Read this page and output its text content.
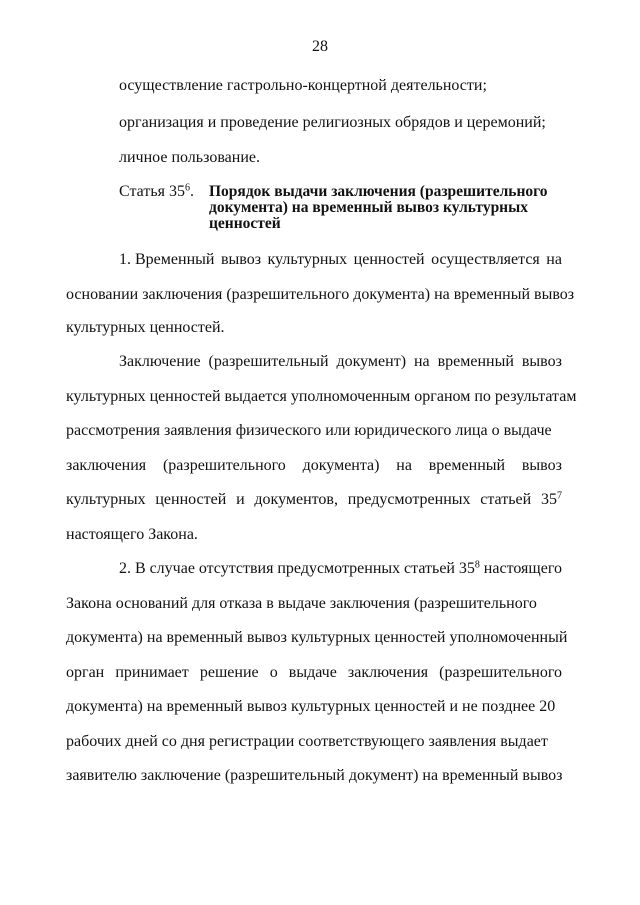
28
осуществление гастрольно-концертной деятельности;
организация и проведение религиозных обрядов и церемоний;
личное пользование.
Статья $35^6$. Порядок выдачи заключения (разрешительного
документа) на временный вывоз культурных
ценностей
1. Временный вывоз культурных ценностей осуществляется на
основании заключения (разрешительного документа) на временный вывоз
культурных ценностей.
Заключение (разрешительный документ) на временный вывоз
культурных ценностей выдается уполномоченным органом по результатам
рассмотрения заявления физического или юридического лица о выдаче
заключения (разрешительного документа) на временный вывоз
культурных ценностей и документов, предусмотренных статьей $35^7$
настоящего Закона.
2. В случае отсутствия предусмотренных статьей $35^8$ настоящего
Закона оснований для отказа в выдаче заключения (разрешительного
документа) на временный вывоз культурных ценностей уполномоченный
орган принимает решение о выдаче заключения (разрешительного
документа) на временный вывоз культурных ценностей и не позднее 20
рабочих дней со дня регистрации соответствующего заявления выдает
заявителю заключение (разрешительный документ) на временный вывоз
